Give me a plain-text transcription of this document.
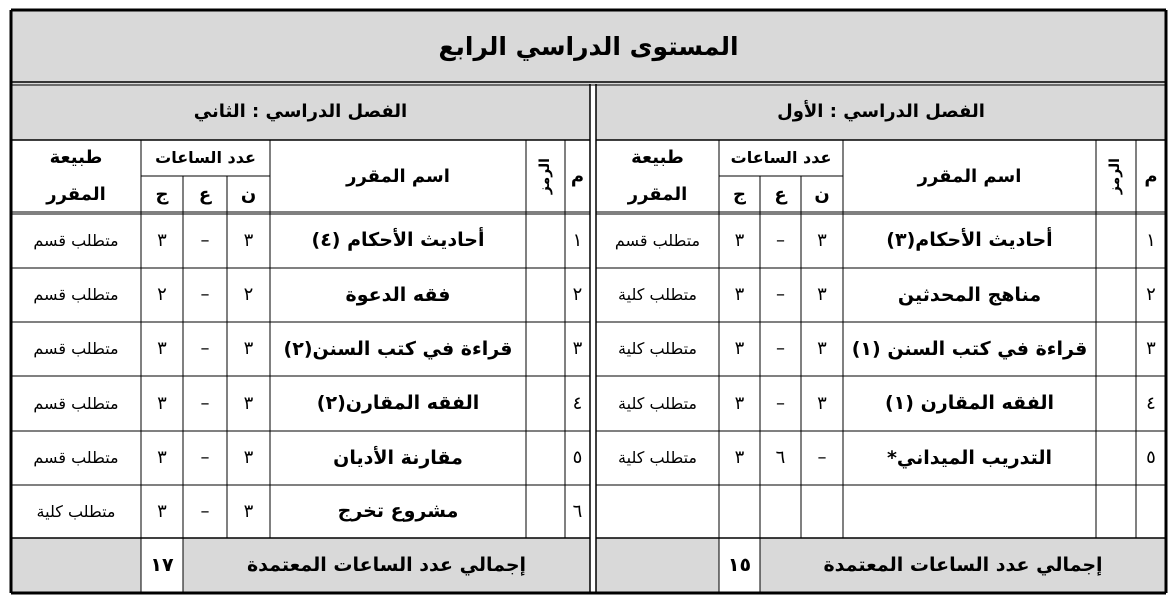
المستوى الدراسي الرابع
الفصل الدراسي : الأول
م
الرمز
اسم المقرر
عدد الساعات
ن
ع
ج
طبيعة
المقرر
١
أحاديث الأحكام(٣)
٣
–
٣
متطلب قسم
٢
مناهج المحدثين
٣
–
٣
متطلب كلية
٣
قراءة في كتب السنن (١)
٣
–
٣
متطلب كلية
٤
الفقه المقارن (١)
٣
–
٣
متطلب كلية
٥
التدريب الميداني*
–
٦
٣
متطلب كلية
إجمالي عدد الساعات المعتمدة
١٥
الفصل الدراسي : الثاني
م
الرمز
اسم المقرر
عدد الساعات
ن
ع
ج
طبيعة
المقرر
١
أحاديث الأحكام (٤)
٣
–
٣
متطلب قسم
٢
فقه الدعوة
٢
–
٢
متطلب قسم
٣
قراءة في كتب السنن(٢)
٣
–
٣
متطلب قسم
٤
الفقه المقارن(٢)
٣
–
٣
متطلب قسم
٥
مقارنة الأديان
٣
–
٣
متطلب قسم
٦
مشروع تخرج
٣
–
٣
متطلب كلية
إجمالي عدد الساعات المعتمدة
١٧
